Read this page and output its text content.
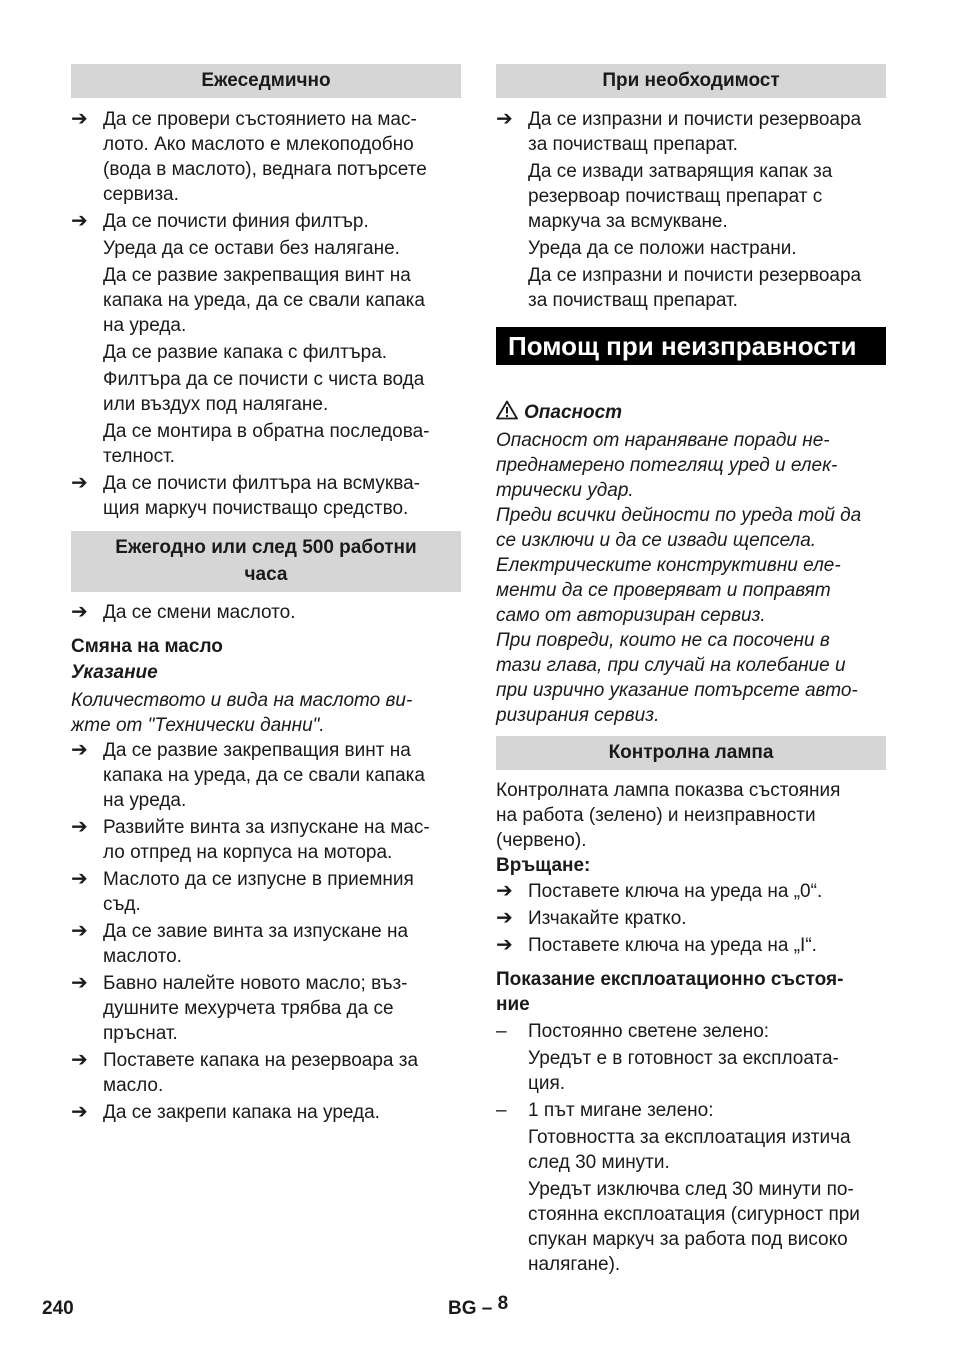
Ежеседмично
➔ Да се провери състоянието на мас-
лото. Ако маслото е млекоподобно
(вода в маслото), веднага потърсете
сервиза.
➔ Да се почисти финия филтър.
Уреда да се остави без налягане.
Да се развие закрепващия винт на
капака на уреда, да се свали капака
на уреда.
Да се развие капака с филтъра.
Филтъра да се почисти с чиста вода
или въздух под налягане.
Да се монтира в обратна последова-
телност.
➔ Да се почисти филтъра на всмуква-
щия маркуч почистващо средство.
Ежегодно или след 500 работни
часа
➔ Да се смени маслото.
Смяна на масло
Указание
Количеството и вида на маслото ви-
жте от "Технически данни".
➔ Да се развие закрепващия винт на
капака на уреда, да се свали капака
на уреда.
➔ Развийте винта за изпускане на мас-
ло отпред на корпуса на мотора.
➔ Маслото да се изпусне в приемния
съд.
➔ Да се завие винта за изпускане на
маслото.
➔ Бавно налейте новото масло; въз-
душните мехурчета трябва да се
пръснат.
➔ Поставете капака на резервоара за
масло.
➔ Да се закрепи капака на уреда.
При необходимост
➔ Да се изпразни и почисти резервоара
за почистващ препарат.
Да се извади затварящия капак за
резервоар почистващ препарат с
маркуча за всмукване.
Уреда да се положи настрани.
Да се изпразни и почисти резервоара
за почистващ препарат.
Помощ при неизправности

Опасност

Опасност от нараняване поради не-
преднамерено потеглящ уред и елек-
трически удар.
Преди всички дейности по уреда той да
се изключи и да се извади щепсела.
Електрическите конструктивни еле-
менти да се проверяват и поправят
само от авторизиран сервиз.
При повреди, които не са посочени в
тази глава, при случай на колебание и
при изрично указание потърсете авто-
ризирания сервиз.
Контролна лампа
Контролната лампа показва състояния
на работа (зелено) и неизправности
(червено).
Връщане:
➔ Поставете ключа на уреда на „0“.
➔ Изчакайте кратко.
➔ Поставете ключа на уреда на „I“.
Показание експлоатационно състоя-
ние
–	Постоянно светене зелено:
Уредът е в готовност за експлоата-
ция.
–	1 път мигане зелено:
Готовността за експлоатация изтича
след 30 минути.
Уредът изключва след 30 минути по-
стоянна експлоатация (сигурност при
спукан маркуч за работа под високо
налягане).
240	BG – 8
